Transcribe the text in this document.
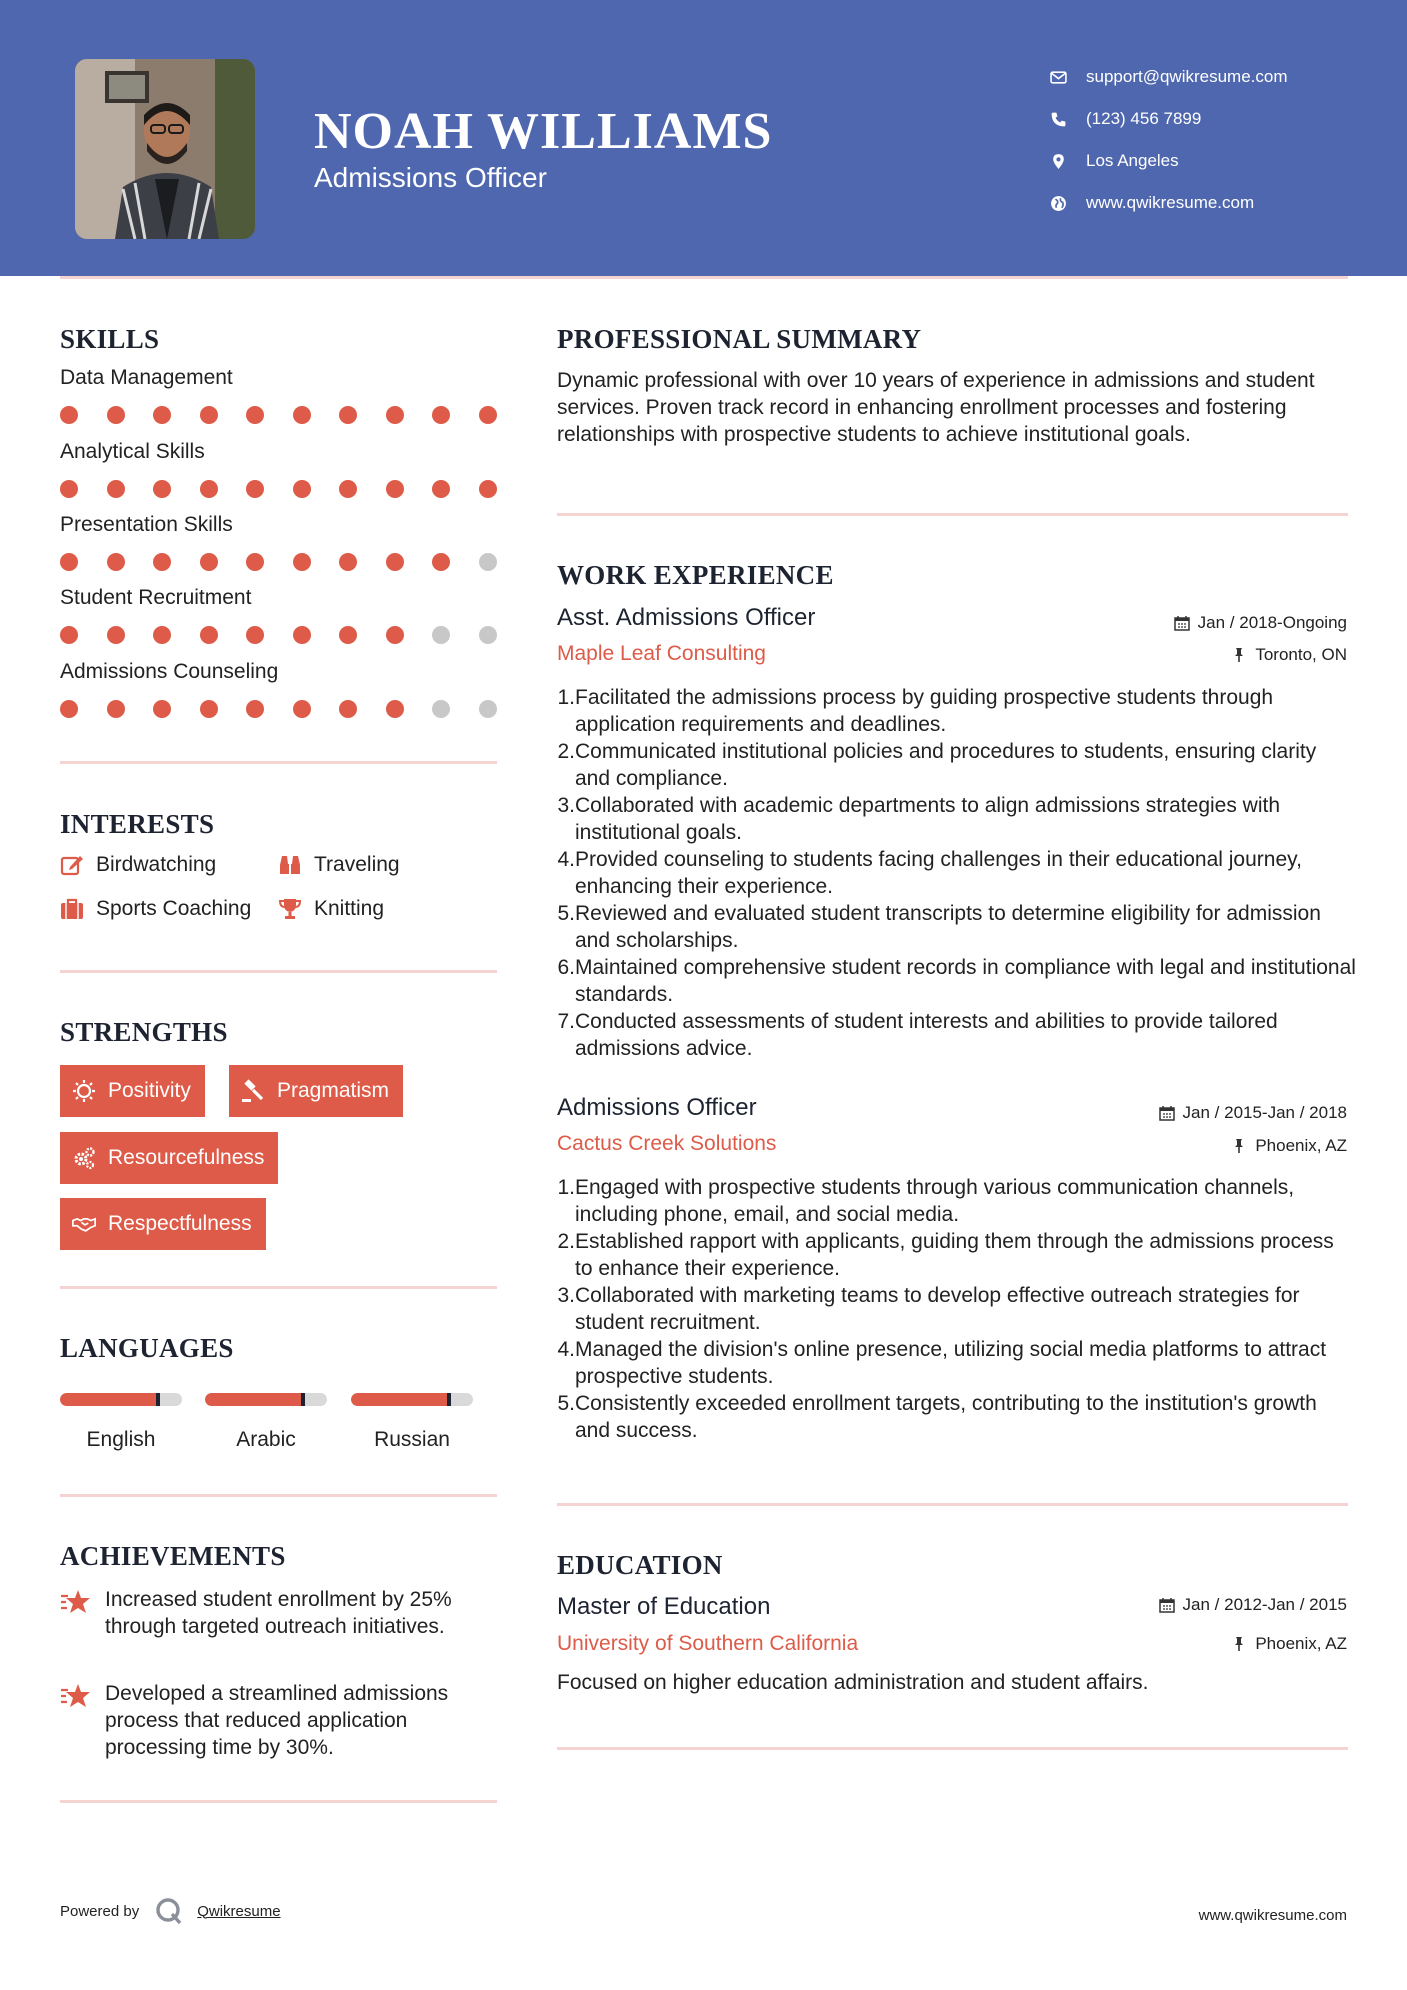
NOAH WILLIAMS
Admissions Officer
support@qwikresume.com
(123) 456 7899
Los Angeles
www.qwikresume.com
SKILLS
Data Management
Analytical Skills
Presentation Skills
Student Recruitment
Admissions Counseling
INTERESTS
Birdwatching	Traveling
Sports Coaching	Knitting
STRENGTHS
Positivity	Pragmatism
Resourcefulness
Respectfulness
LANGUAGES
English	Arabic	Russian
ACHIEVEMENTS
Increased student enrollment by 25% through targeted outreach initiatives.
Developed a streamlined admissions process that reduced application processing time by 30%.
PROFESSIONAL SUMMARY
Dynamic professional with over 10 years of experience in admissions and student services. Proven track record in enhancing enrollment processes and fostering relationships with prospective students to achieve institutional goals.
WORK EXPERIENCE
Asst. Admissions Officer	Jan / 2018-Ongoing
Maple Leaf Consulting	Toronto, ON
1. Facilitated the admissions process by guiding prospective students through application requirements and deadlines.
2. Communicated institutional policies and procedures to students, ensuring clarity and compliance.
3. Collaborated with academic departments to align admissions strategies with institutional goals.
4. Provided counseling to students facing challenges in their educational journey, enhancing their experience.
5. Reviewed and evaluated student transcripts to determine eligibility for admission and scholarships.
6. Maintained comprehensive student records in compliance with legal and institutional standards.
7. Conducted assessments of student interests and abilities to provide tailored admissions advice.
Admissions Officer	Jan / 2015-Jan / 2018
Cactus Creek Solutions	Phoenix, AZ
1. Engaged with prospective students through various communication channels, including phone, email, and social media.
2. Established rapport with applicants, guiding them through the admissions process to enhance their experience.
3. Collaborated with marketing teams to develop effective outreach strategies for student recruitment.
4. Managed the division's online presence, utilizing social media platforms to attract prospective students.
5. Consistently exceeded enrollment targets, contributing to the institution's growth and success.
EDUCATION
Master of Education	Jan / 2012-Jan / 2015
University of Southern California	Phoenix, AZ
Focused on higher education administration and student affairs.
Powered by	Qwikresume	www.qwikresume.com
